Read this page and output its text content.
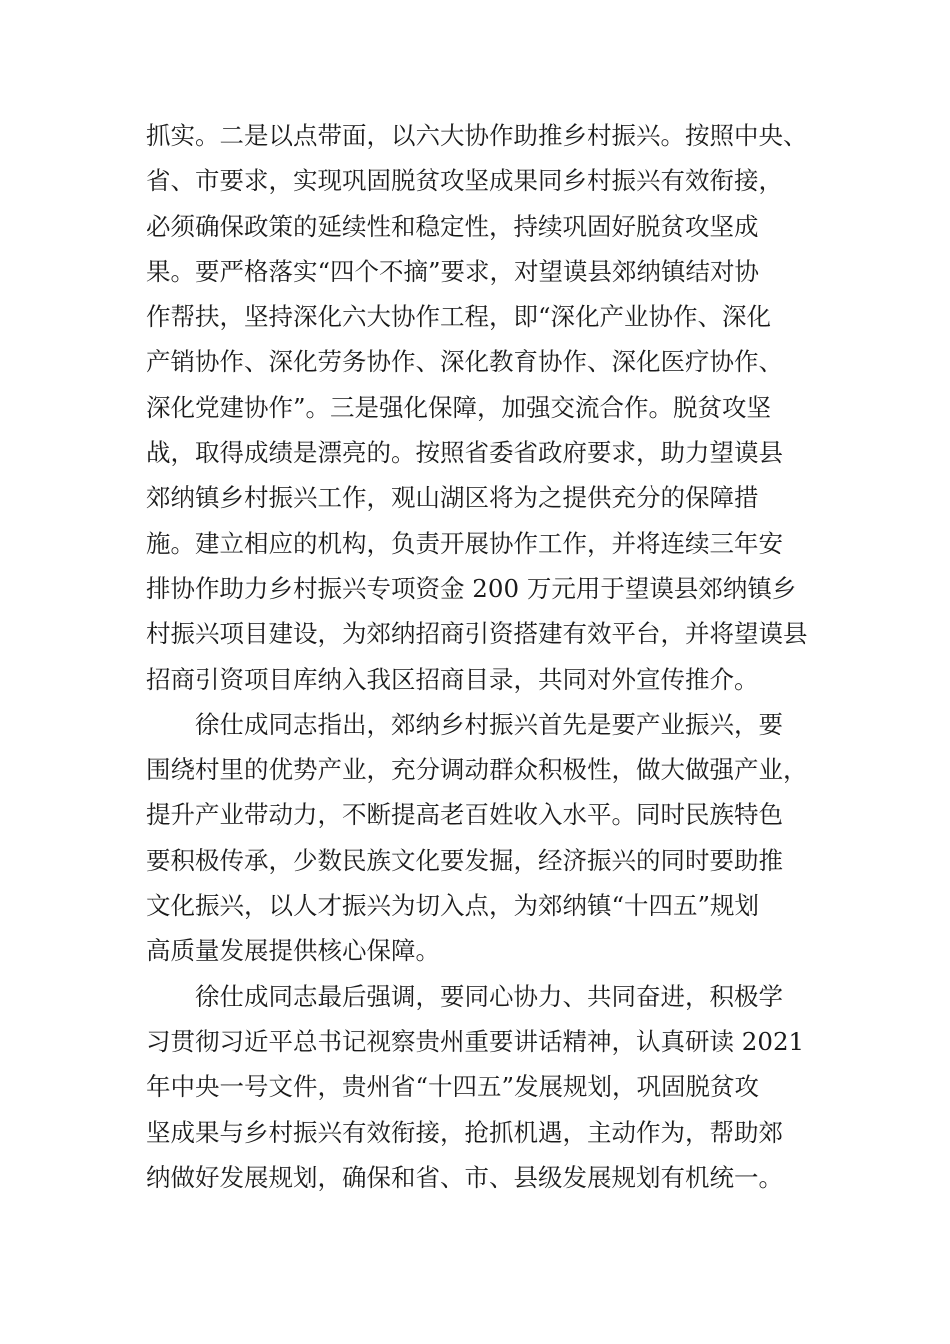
抓实。二是以点带面，以六大协作助推乡村振兴。按照中央、
省、市要求，实现巩固脱贫攻坚成果同乡村振兴有效衔接，
必须确保政策的延续性和稳定性，持续巩固好脱贫攻坚成
果。要严格落实“四个不摘”要求，对望谟县郊纳镇结对协
作帮扶，坚持深化六大协作工程，即“深化产业协作、深化
产销协作、深化劳务协作、深化教育协作、深化医疗协作、
深化党建协作”。三是强化保障，加强交流合作。脱贫攻坚
战，取得成绩是漂亮的。按照省委省政府要求，助力望谟县
郊纳镇乡村振兴工作，观山湖区将为之提供充分的保障措
施。建立相应的机构，负责开展协作工作，并将连续三年安
排协作助力乡村振兴专项资金 200 万元用于望谟县郊纳镇乡
村振兴项目建设，为郊纳招商引资搭建有效平台，并将望谟县
招商引资项目库纳入我区招商目录，共同对外宣传推介。
徐仕成同志指出，郊纳乡村振兴首先是要产业振兴，要
围绕村里的优势产业，充分调动群众积极性，做大做强产业，
提升产业带动力，不断提高老百姓收入水平。同时民族特色
要积极传承，少数民族文化要发掘，经济振兴的同时要助推
文化振兴，以人才振兴为切入点，为郊纳镇“十四五”规划
高质量发展提供核心保障。
徐仕成同志最后强调，要同心协力、共同奋进，积极学
习贯彻习近平总书记视察贵州重要讲话精神，认真研读 2021
年中央一号文件，贵州省“十四五”发展规划，巩固脱贫攻
坚成果与乡村振兴有效衔接，抢抓机遇，主动作为，帮助郊
纳做好发展规划，确保和省、市、县级发展规划有机统一。
